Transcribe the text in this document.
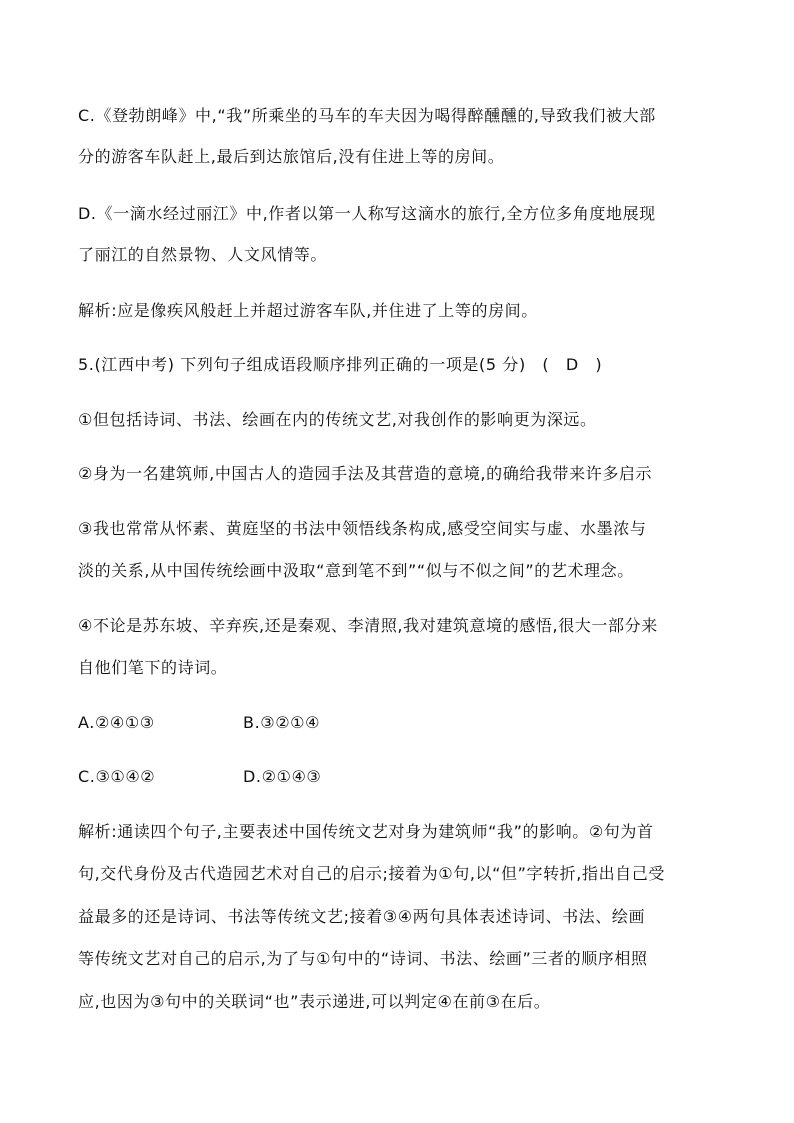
C.《登勃朗峰》中,“我”所乘坐的马车的车夫因为喝得醉醺醺的,导致我们被大部
分的游客车队赶上,最后到达旅馆后,没有住进上等的房间。
D.《一滴水经过丽江》中,作者以第一人称写这滴水的旅行,全方位多角度地展现
了丽江的自然景物、人文风情等。
解析:应是像疾风般赶上并超过游客车队,并住进了上等的房间。
5.(江西中考) 下列句子组成语段顺序排列正确的一项是(5 分)　(　D　)
①但包括诗词、书法、绘画在内的传统文艺,对我创作的影响更为深远。
②身为一名建筑师,中国古人的造园手法及其营造的意境,的确给我带来许多启示
③我也常常从怀素、黄庭坚的书法中领悟线条构成,感受空间实与虚、水墨浓与
淡的关系,从中国传统绘画中汲取“意到笔不到”“似与不似之间”的艺术理念。
④不论是苏东坡、辛弃疾,还是秦观、李清照,我对建筑意境的感悟,很大一部分来
自他们笔下的诗词。
A.②④①③	B.③②①④
C.③①④②	D.②①④③
解析:通读四个句子,主要表述中国传统文艺对身为建筑师“我”的影响。②句为首
句,交代身份及古代造园艺术对自己的启示;接着为①句,以“但”字转折,指出自己受
益最多的还是诗词、书法等传统文艺;接着③④两句具体表述诗词、书法、绘画
等传统文艺对自己的启示,为了与①句中的“诗词、书法、绘画”三者的顺序相照
应,也因为③句中的关联词“也”表示递进,可以判定④在前③在后。
